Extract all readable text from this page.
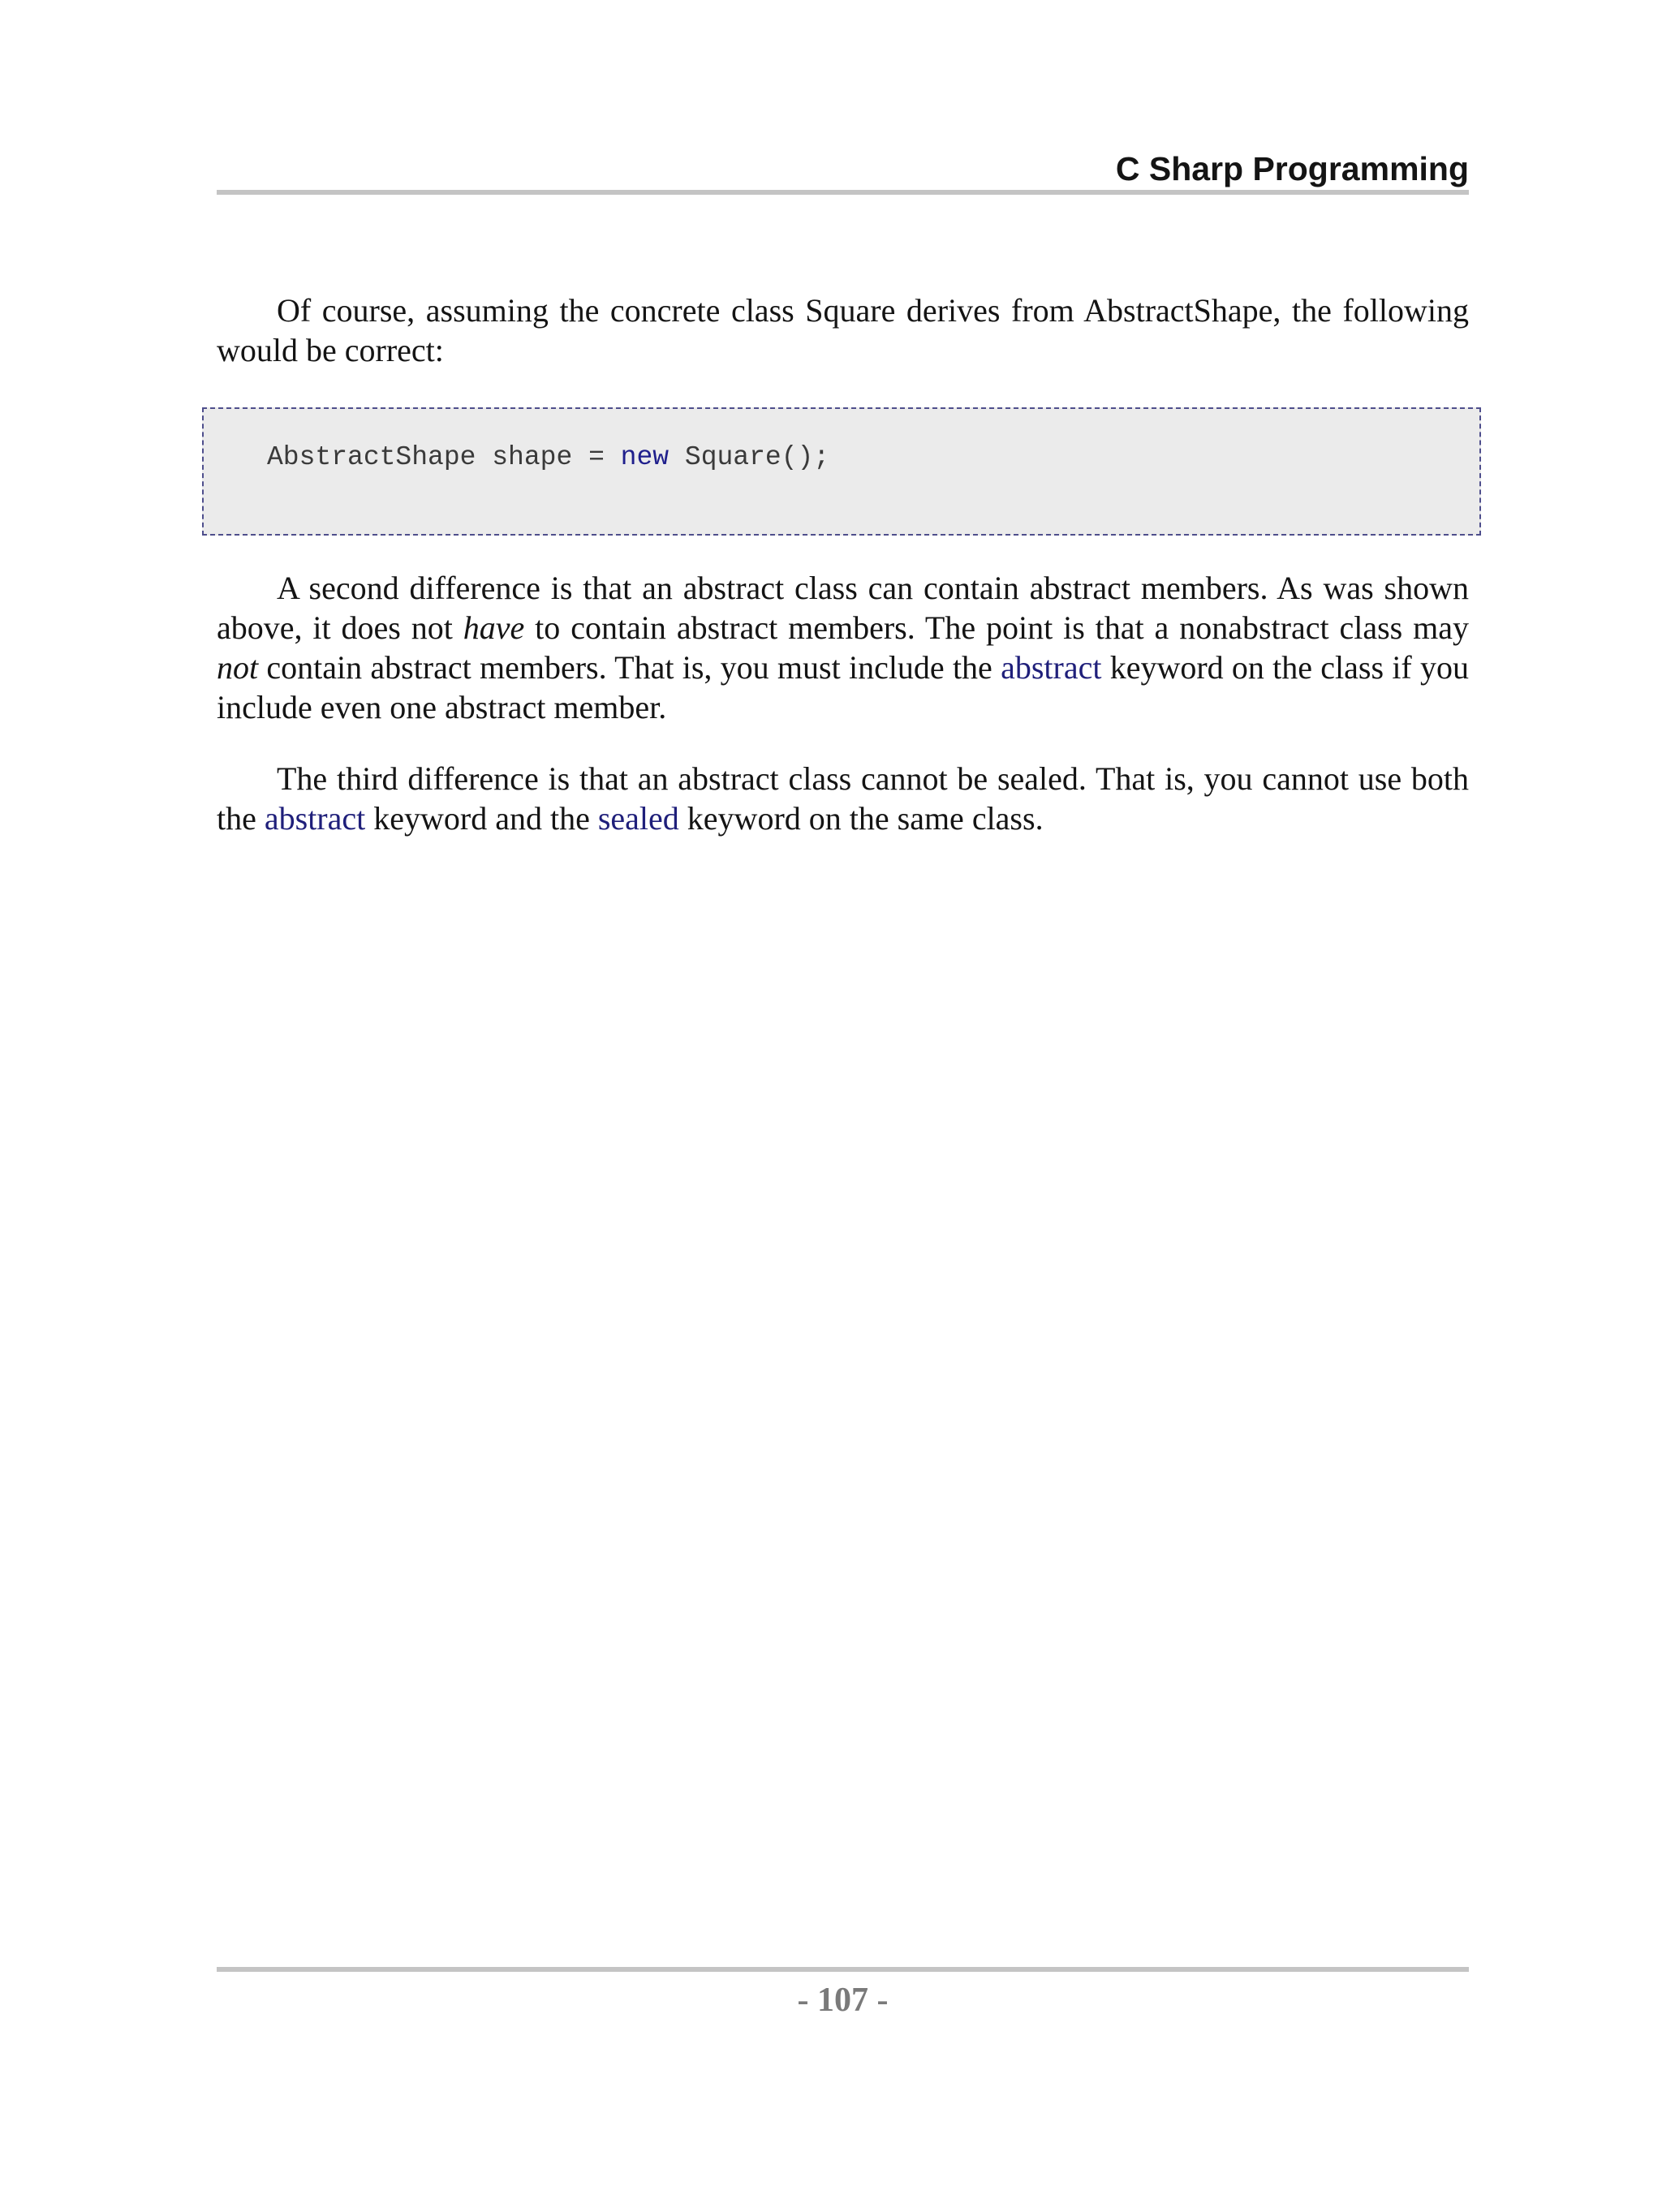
C Sharp Programming

Of course, assuming the concrete class Square derives from AbstractShape, the following would be correct:

AbstractShape shape = new Square();

A second difference is that an abstract class can contain abstract members. As was shown above, it does not have to contain abstract members. The point is that a nonabstract class may not contain abstract members. That is, you must include the abstract keyword on the class if you include even one abstract member.

The third difference is that an abstract class cannot be sealed. That is, you cannot use both the abstract keyword and the sealed keyword on the same class.

- 107 -
